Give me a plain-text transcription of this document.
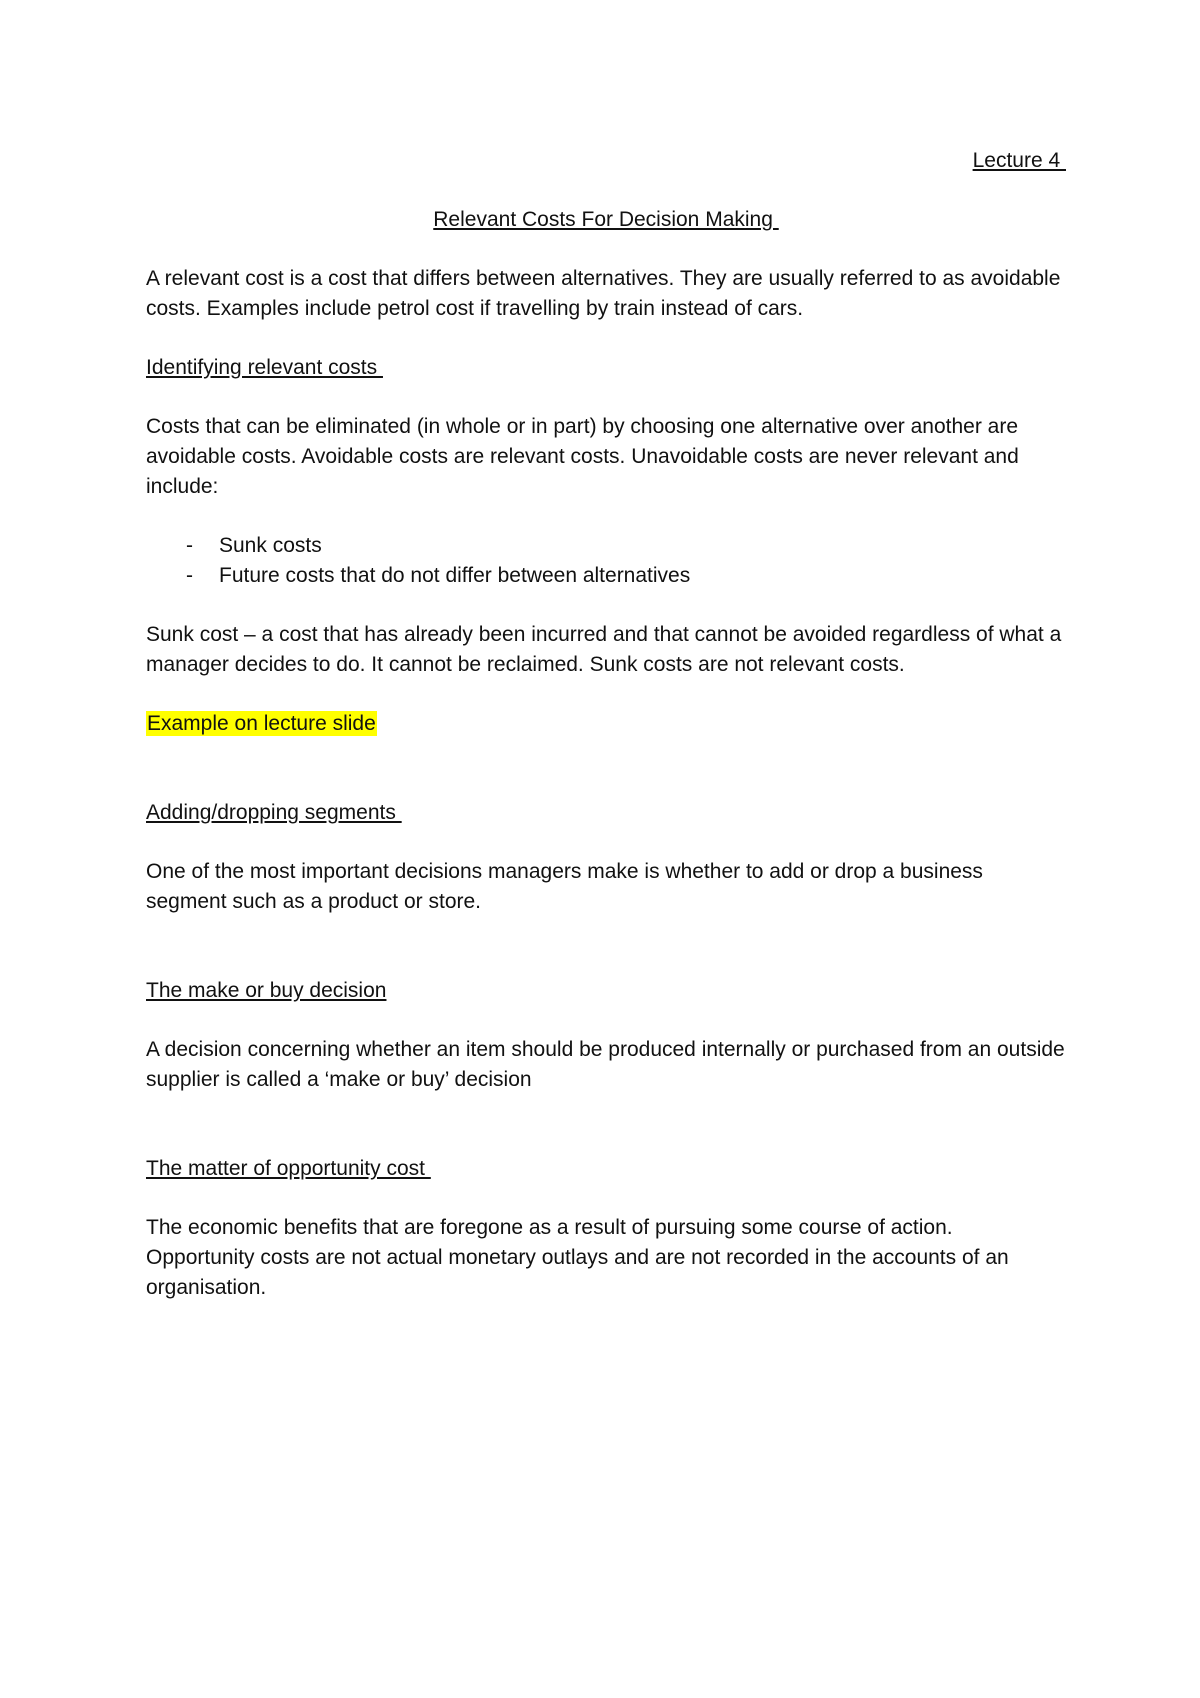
Lecture 4
Relevant Costs For Decision Making

A relevant cost is a cost that differs between alternatives. They are usually referred to as avoidable costs. Examples include petrol cost if travelling by train instead of cars.

Identifying relevant costs

Costs that can be eliminated (in whole or in part) by choosing one alternative over another are avoidable costs. Avoidable costs are relevant costs. Unavoidable costs are never relevant and include:

- Sunk costs
- Future costs that do not differ between alternatives

Sunk cost – a cost that has already been incurred and that cannot be avoided regardless of what a manager decides to do. It cannot be reclaimed. Sunk costs are not relevant costs.

Example on lecture slide

Adding/dropping segments

One of the most important decisions managers make is whether to add or drop a business segment such as a product or store.

The make or buy decision

A decision concerning whether an item should be produced internally or purchased from an outside supplier is called a ‘make or buy’ decision

The matter of opportunity cost

The economic benefits that are foregone as a result of pursuing some course of action. Opportunity costs are not actual monetary outlays and are not recorded in the accounts of an organisation.
